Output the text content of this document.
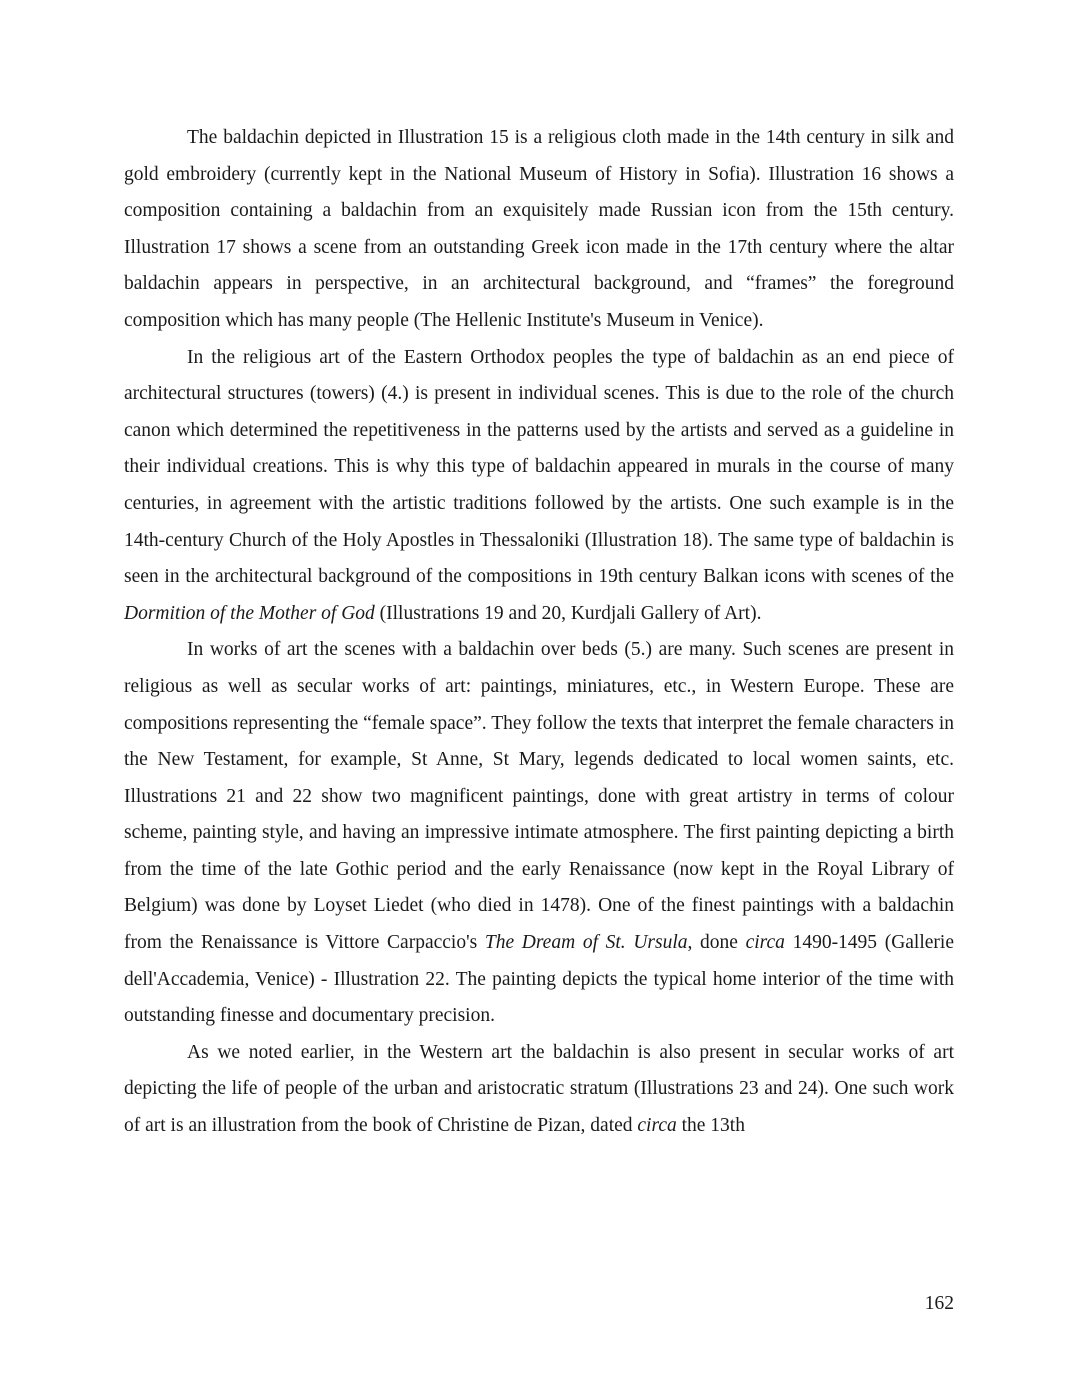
The baldachin depicted in Illustration 15 is a religious cloth made in the 14th century in silk and gold embroidery (currently kept in the National Museum of History in Sofia). Illustration 16 shows a composition containing a baldachin from an exquisitely made Russian icon from the 15th century. Illustration 17 shows a scene from an outstanding Greek icon made in the 17th century where the altar baldachin appears in perspective, in an architectural background, and “frames” the foreground composition which has many people (The Hellenic Institute's Museum in Venice).

In the religious art of the Eastern Orthodox peoples the type of baldachin as an end piece of architectural structures (towers) (4.) is present in individual scenes. This is due to the role of the church canon which determined the repetitiveness in the patterns used by the artists and served as a guideline in their individual creations. This is why this type of baldachin appeared in murals in the course of many centuries, in agreement with the artistic traditions followed by the artists. One such example is in the 14th-century Church of the Holy Apostles in Thessaloniki (Illustration 18). The same type of baldachin is seen in the architectural background of the compositions in 19th century Balkan icons with scenes of the Dormition of the Mother of God (Illustrations 19 and 20, Kurdjali Gallery of Art).

In works of art the scenes with a baldachin over beds (5.) are many. Such scenes are present in religious as well as secular works of art: paintings, miniatures, etc., in Western Europe. These are compositions representing the “female space”. They follow the texts that interpret the female characters in the New Testament, for example, St Anne, St Mary, legends dedicated to local women saints, etc. Illustrations 21 and 22 show two magnificent paintings, done with great artistry in terms of colour scheme, painting style, and having an impressive intimate atmosphere. The first painting depicting a birth from the time of the late Gothic period and the early Renaissance (now kept in the Royal Library of Belgium) was done by Loyset Liedet (who died in 1478). One of the finest paintings with a baldachin from the Renaissance is Vittore Carpaccio's The Dream of St. Ursula, done circa 1490-1495 (Gallerie dell'Accademia, Venice) - Illustration 22. The painting depicts the typical home interior of the time with outstanding finesse and documentary precision.

As we noted earlier, in the Western art the baldachin is also present in secular works of art depicting the life of people of the urban and aristocratic stratum (Illustrations 23 and 24). One such work of art is an illustration from the book of Christine de Pizan, dated circa the 13th

162
